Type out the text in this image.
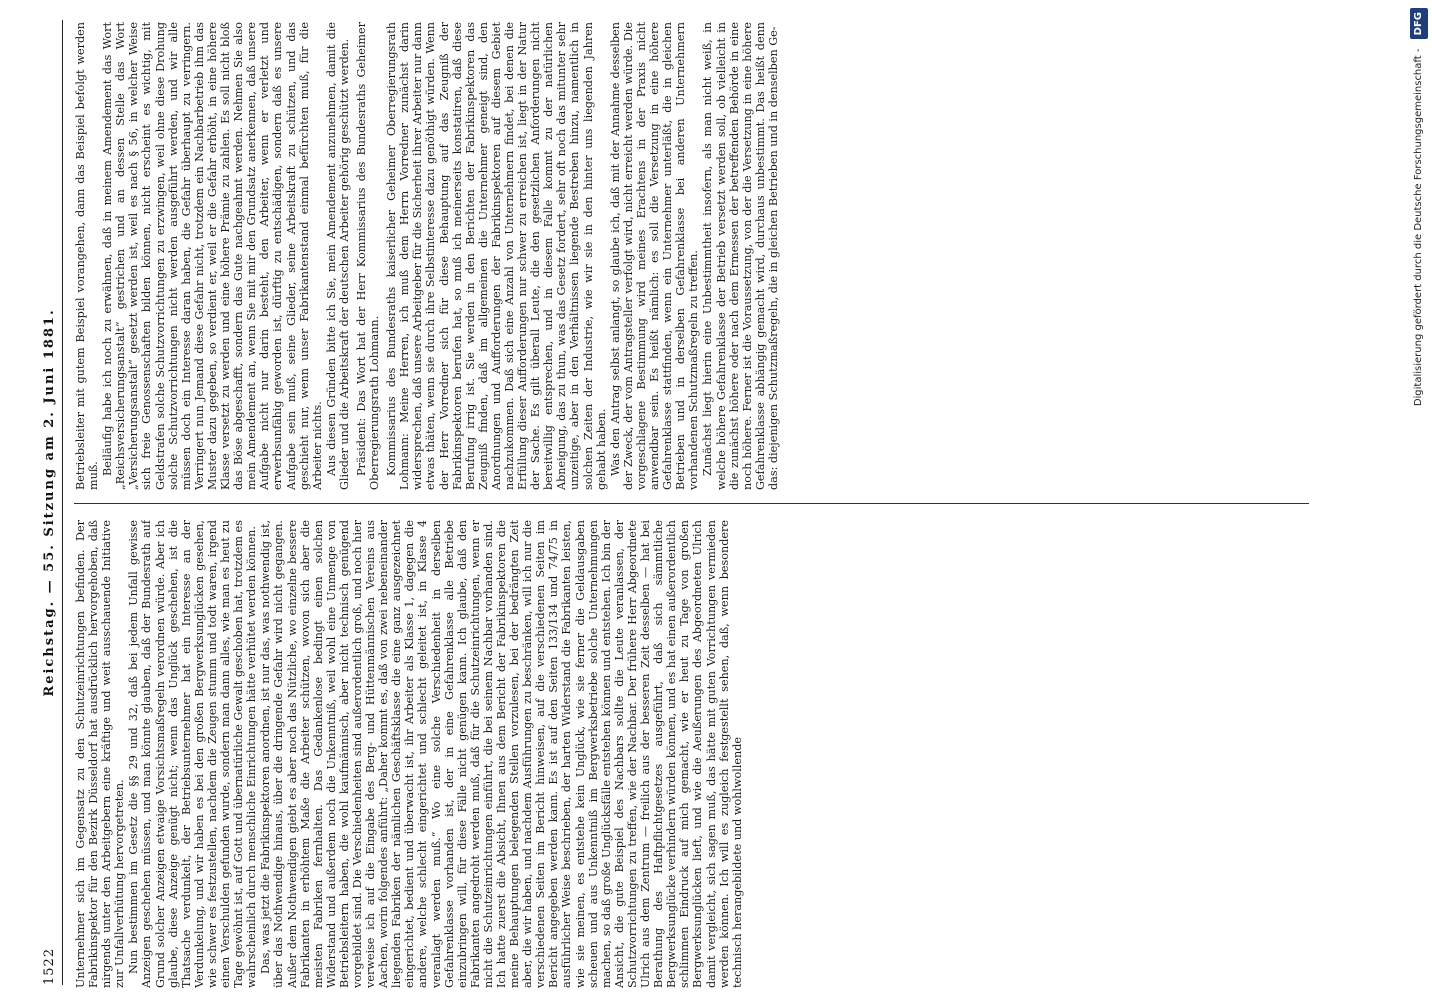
1522
Reichstag. — 55. Sitzung am 2. Juni 1881.

Unternehmer sich im Gegensatz zu den Schutzeinrichtungen befinden. Der Fabrikinspektor für den Bezirk Düsseldorf hat ausdrücklich hervorgehoben, daß nirgends unter den Arbeitgebern eine kräftige und weit ausschauende Initiative zur Unfallverhütung hervorgetreten. Nun bestimmen im Gesetz die §§ 29 und 32, daß bei jedem Unfall gewisse Anzeigen geschehen müssen, und man könnte glauben, daß der Bundesrath auf Grund solcher Anzeigen etwaige Vorsichtsmaßregeln verordnen würde. Aber ich glaube, diese Anzeige genügt nicht; wenn das Unglück geschehen, ist die Thatsache verdunkelt, der Betriebsunternehmer hat ein Interesse an der Verdunkelung, und wir haben es bei den großen Bergwerksunglücken gesehen, wie schwer es festzustellen, nachdem die Zeugen stumm und todt waren, irgend einen Verschulden gefunden wurde, sondern man dann alles, wie man es heut zu Tage gewöhnt ist, auf Gott und übernatürliche Gewalt geschoben hat, trotzdem es wahrscheinlich durch menschliche Einrichtungen hätte verhütet werden können. Das, was jetzt die Fabrikinspektoren anordnen, ist nur das, was nothwendig ist, über das Nothwendige hinaus, über die dringende Gefahr wird nicht gegangen. Außer dem Nothwendigen giebt es aber noch das Nützliche, wo einzelne bessere Fabrikanten in erhöhtem Maße die Arbeiter schützen, wovon sich aber die meisten Fabriken fernhalten. Das Gedankenlose bedingt einen solchen Widerstand und außerdem noch die Unkenntniß, weil wohl eine Unmenge von Betriebsleitern haben, die wohl kaufmännisch, aber nicht technisch genügend vorgebildet sind. Die Verschiedenheiten sind außerordentlich groß, und noch hier verweise ich auf die Eingabe des Berg- und Hüttenmännischen Vereins aus Aachen, worin folgendes anführt: „Daher kommt es, daß von zwei nebeneinander liegenden Fabriken der nämlichen Geschäftsklasse die eine ganz ausgezeichnet eingerichtet, bedient und überwacht ist, ihr Arbeiter als Klasse 1, dagegen die andere, welche schlecht eingerichtet und schlecht geleitet ist, in Klasse 4 veranlagt werden muß.“ Wo eine solche Verschiedenheit in derselben Gefahrenklasse vorhanden ist, der in eine Gefahrenklasse alle Betriebe einzubringen will, für diese Fälle nicht genügen kann. Ich glaube, daß den Fabrikanten angedroht werden muß, daß für die Schutzeinrichtungen, wenn er nicht die Schutzeinrichtungen einführt, die bei seinem Nachbar vorhanden sind. Ich hatte zuerst die Absicht, Ihnen aus dem Bericht der Fabrikinspektoren die meine Behauptungen belegenden Stellen vorzulesen, bei der bedrängten Zeit aber, die wir haben, und nachdem Ausführungen zu beschränken, will ich nur die verschiedenen Seiten im Bericht hinweisen, auf die verschiedenen Seiten im Bericht angegeben werden kann. Es ist auf den Seiten 133/134 und 74/75 in ausführlicher Weise beschrieben, der harten Widerstand die Fabrikanten leisten, wie sie meinen, es entstehe kein Unglück, wie sie ferner die Geldausgaben scheuen und aus Unkenntniß im Bergwerksbetriebe solche Unternehmungen machen, so daß große Unglücksfälle entstehen können und entstehen. Ich bin der Ansicht, die gute Beispiel des Nachbars sollte die Leute veranlassen, der Schutzvorrichtungen zu treffen, wie der Nachbar. Der frühere Herr Abgeordnete Ulrich aus dem Zentrum — freilich aus der besseren Zeit desselben — hat bei Berathung des Haftpflichtgesetzes ausgeführt, daß sich sämmtliche Bergwerksunglücke verhindern würden können, und es hat einen außerordentlich schlimmen Eindruck auf mich gemacht, wie er heut zu Tage von großen Bergwerksunglücken lieft, und wie die Aeußerungen des Abgeordneten Ulrich damit vergleicht, sich sagen muß, das hätte mit guten Vorrichtungen vermieden werden können. Ich will es zugleich festgestellt sehen, daß, wenn besondere technisch herangebildete und wohlwollende

Betriebsleiter mit gutem Beispiel vorangehen, dann das Beispiel befolgt werden muß. Beiläufig habe ich noch zu erwähnen, daß in meinem Amendement das Wort „Reichsversicherungsanstalt“ gestrichen und an dessen Stelle das Wort „Versicherungsanstalt“ gesetzt werden ist, weil es nach § 56, in welcher Weise sich freie Genossenschaften bilden können, nicht erscheint es wichtig, mit Geldstrafen solche Schutzvorrichtungen zu erzwingen, weil ohne diese Drohung solche Schutzvorrichtungen nicht werden ausgeführt werden, und wir alle müssen doch ein Interesse daran haben, die Gefahr überhaupt zu verringern. Verringert nun Jemand diese Gefahr nicht, trotzdem ein Nachbarbetrieb ihm das Muster dazu gegeben, so verdient er, weil er die Gefahr erhöht, in eine höhere Klasse versetzt zu werden und eine höhere Prämie zu zahlen. Es soll nicht bloß das Böse abgeschafft, sondern das Gute nachgeahmt werden. Nehmen Sie also mein Amendement an, wenn Sie mit mir den Grundsatz anerkennen, daß unsere Aufgabe nicht nur darin besteht, den Arbeiter, wenn er verletzt und erwerbsunfähig geworden ist, dürftig zu entschädigen, sondern daß es unsere Aufgabe sein muß, seine Glieder, seine Arbeitskraft zu schützen, und das geschieht nur, wenn unser Fabrikantenstand einmal befürchten muß, für die Arbeiter nichts. Aus diesen Gründen bitte ich Sie, mein Amendement anzunehmen, damit die Glieder und die Arbeitskraft der deutschen Arbeiter gehörig geschützt werden. Präsident: Das Wort hat der Herr Kommissarius des Bundesraths Geheimer Oberregierungsrath Lohmann. Kommissarius des Bundesraths kaiserlicher Geheimer Oberregierungsrath Lohmann: Meine Herren, ich muß dem Herrn Vorredner zunächst darin widersprechen, daß unsere Arbeitgeber für die Sicherheit ihrer Arbeiter nur dann etwas thäten, wenn sie durch ihre Selbstinteresse dazu genöthigt würden. Wenn der Herr Vorredner sich für diese Behauptung auf das Zeugniß der Fabrikinspektoren berufen hat, so muß ich meinerseits konstatiren, daß diese Berufung irrig ist. Sie werden in den Berichten der Fabrikinspektoren das Zeugniß finden, daß im allgemeinen die Unternehmer geneigt sind, den Anordnungen und Aufforderungen der Fabrikinspektoren auf diesem Gebiet nachzukommen. Daß sich eine Anzahl von Unternehmern findet, bei denen die Erfüllung dieser Aufforderungen nur schwer zu erreichen ist, liegt in der Natur der Sache. Es gilt überall Leute, die den gesetzlichen Anforderungen nicht bereitwillig entsprechen, und in diesem Falle kommt zu der natürlichen Abneigung, das zu thun, was das Gesetz fordert, sehr oft noch das mitunter sehr unzeitige, aber in den Verhältnissen liegende Bestreben hinzu, namentlich in solchen Zeiten der Industrie, wie wir sie in den hinter uns liegenden Jahren gehabt haben. Was den Antrag selbst anlangt, so glaube ich, daß mit der Annahme desselben der Zweck, der vom Antragsteller verfolgt wird, nicht erreicht werden würde. Die vorgeschlagene Bestimmung wird meines Erachtens in der Praxis nicht anwendbar sein. Es heißt nämlich: es soll die Versetzung in eine höhere Gefahrenklasse stattfinden, wenn ein Unternehmer unterläßt, die in gleichen Betrieben und in derselben Gefahrenklasse bei anderen Unternehmern vorhandenen Schutzmaßregeln zu treffen. Zunächst liegt hierin eine Unbestimmtheit insofern, als man nicht weiß, in welche höhere Gefahrenklasse der Betrieb versetzt werden soll, ob vielleicht in die zunächst höhere oder nach dem Ermessen der betreffenden Behörde in eine noch höhere. Ferner ist die Voraussetzung, von der die Versetzung in eine höhere Gefahrenklasse abhängig gemacht wird, durchaus unbestimmt. Das heißt denn das: diejenigen Schutzmaßregeln, die in gleichen Betrieben und in denselben Ge-	Digitalisierung gefördert durch die Deutsche Forschungsgemeinschaft - DFG
